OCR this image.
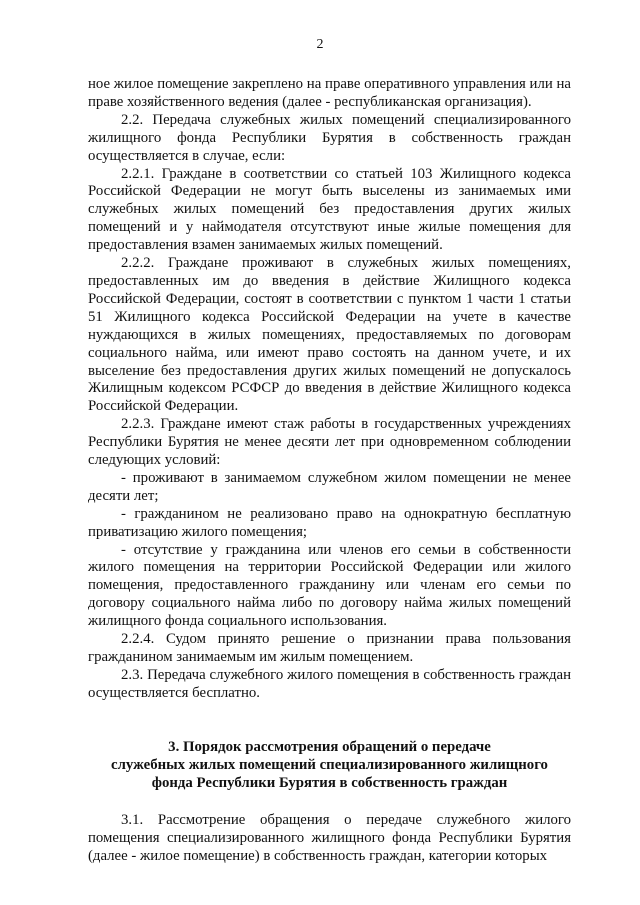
2

ное жилое помещение закреплено на праве оперативного управления или на праве хозяйственного ведения (далее - республиканская организация).

2.2. Передача служебных жилых помещений специализированного жилищного фонда Республики Бурятия в собственность граждан осуществляется в случае, если:

2.2.1. Граждане в соответствии со статьей 103 Жилищного кодекса Российской Федерации не могут быть выселены из занимаемых ими служебных жилых помещений без предоставления других жилых помещений и у наймодателя отсутствуют иные жилые помещения для предоставления взамен занимаемых жилых помещений.

2.2.2. Граждане проживают в служебных жилых помещениях, предоставленных им до введения в действие Жилищного кодекса Российской Федерации, состоят в соответствии с пунктом 1 части 1 статьи 51 Жилищного кодекса Российской Федерации на учете в качестве нуждающихся в жилых помещениях, предоставляемых по договорам социального найма, или имеют право состоять на данном учете, и их выселение без предоставления других жилых помещений не допускалось Жилищным кодексом РСФСР до введения в действие Жилищного кодекса Российской Федерации.

2.2.3. Граждане имеют стаж работы в государственных учреждениях Республики Бурятия не менее десяти лет при одновременном соблюдении следующих условий:

- проживают в занимаемом служебном жилом помещении не менее десяти лет;

- гражданином не реализовано право на однократную бесплатную приватизацию жилого помещения;

- отсутствие у гражданина или членов его семьи в собственности жилого помещения на территории Российской Федерации или жилого помещения, предоставленного гражданину или членам его семьи по договору социального найма либо по договору найма жилых помещений жилищного фонда социального использования.

2.2.4. Судом принято решение о признании права пользования гражданином занимаемым им жилым помещением.

2.3. Передача служебного жилого помещения в собственность граждан осуществляется бесплатно.

3. Порядок рассмотрения обращений о передаче
служебных жилых помещений специализированного жилищного
фонда Республики Бурятия в собственность граждан

3.1. Рассмотрение обращения о передаче служебного жилого помещения специализированного жилищного фонда Республики Бурятия (далее - жилое помещение) в собственность граждан, категории которых
